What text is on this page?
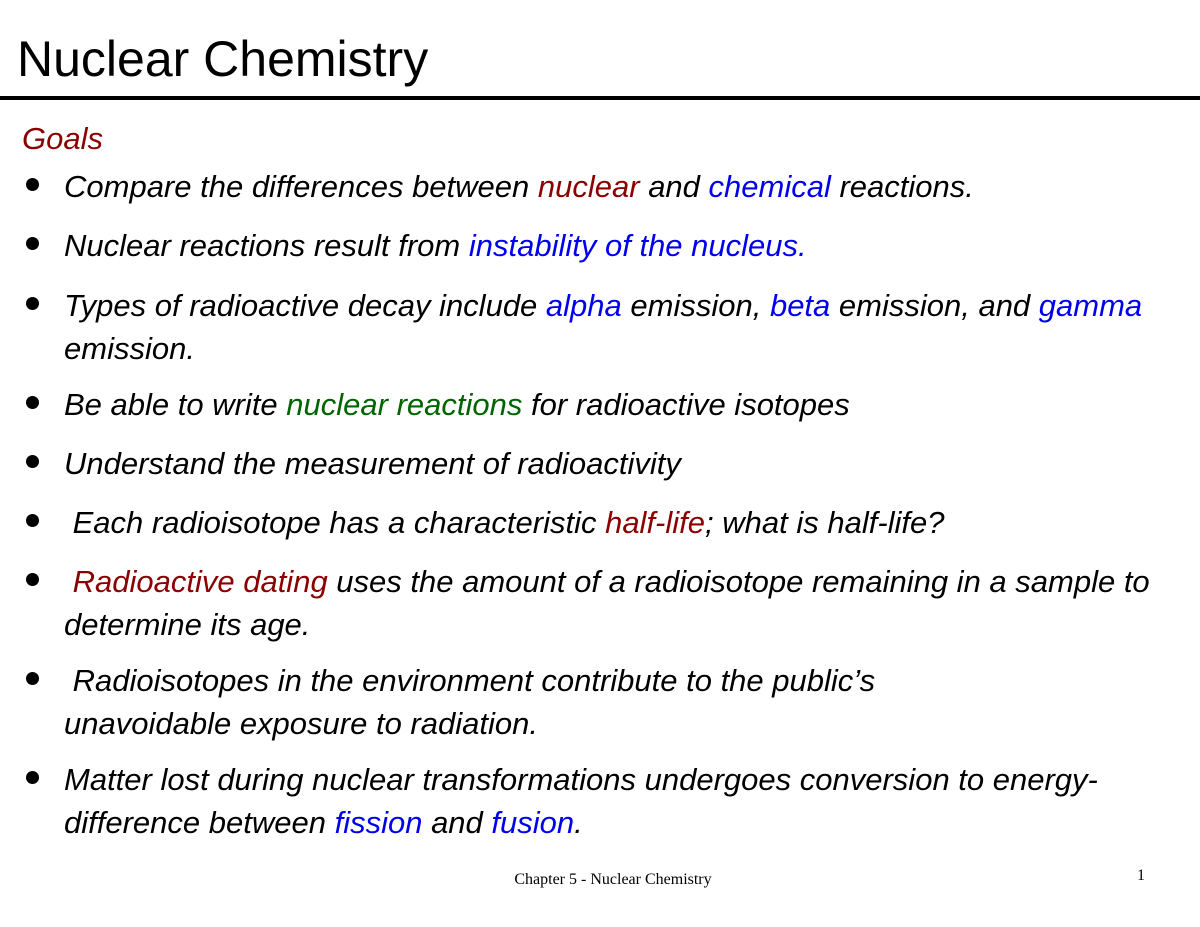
Nuclear Chemistry
Goals
Compare the differences between nuclear and chemical reactions.
Nuclear reactions result from instability of the nucleus.
Types of radioactive decay include alpha emission, beta emission, and gamma emission.
Be able to write nuclear reactions for radioactive isotopes
Understand the measurement of radioactivity
Each radioisotope has a characteristic half-life; what is half-life?
Radioactive dating uses the amount of a radioisotope remaining in a sample to determine its age.
Radioisotopes in the environment contribute to the public’s unavoidable exposure to radiation.
Matter lost during nuclear transformations undergoes conversion to energy-difference between fission and fusion.
Chapter 5 - Nuclear Chemistry	1
